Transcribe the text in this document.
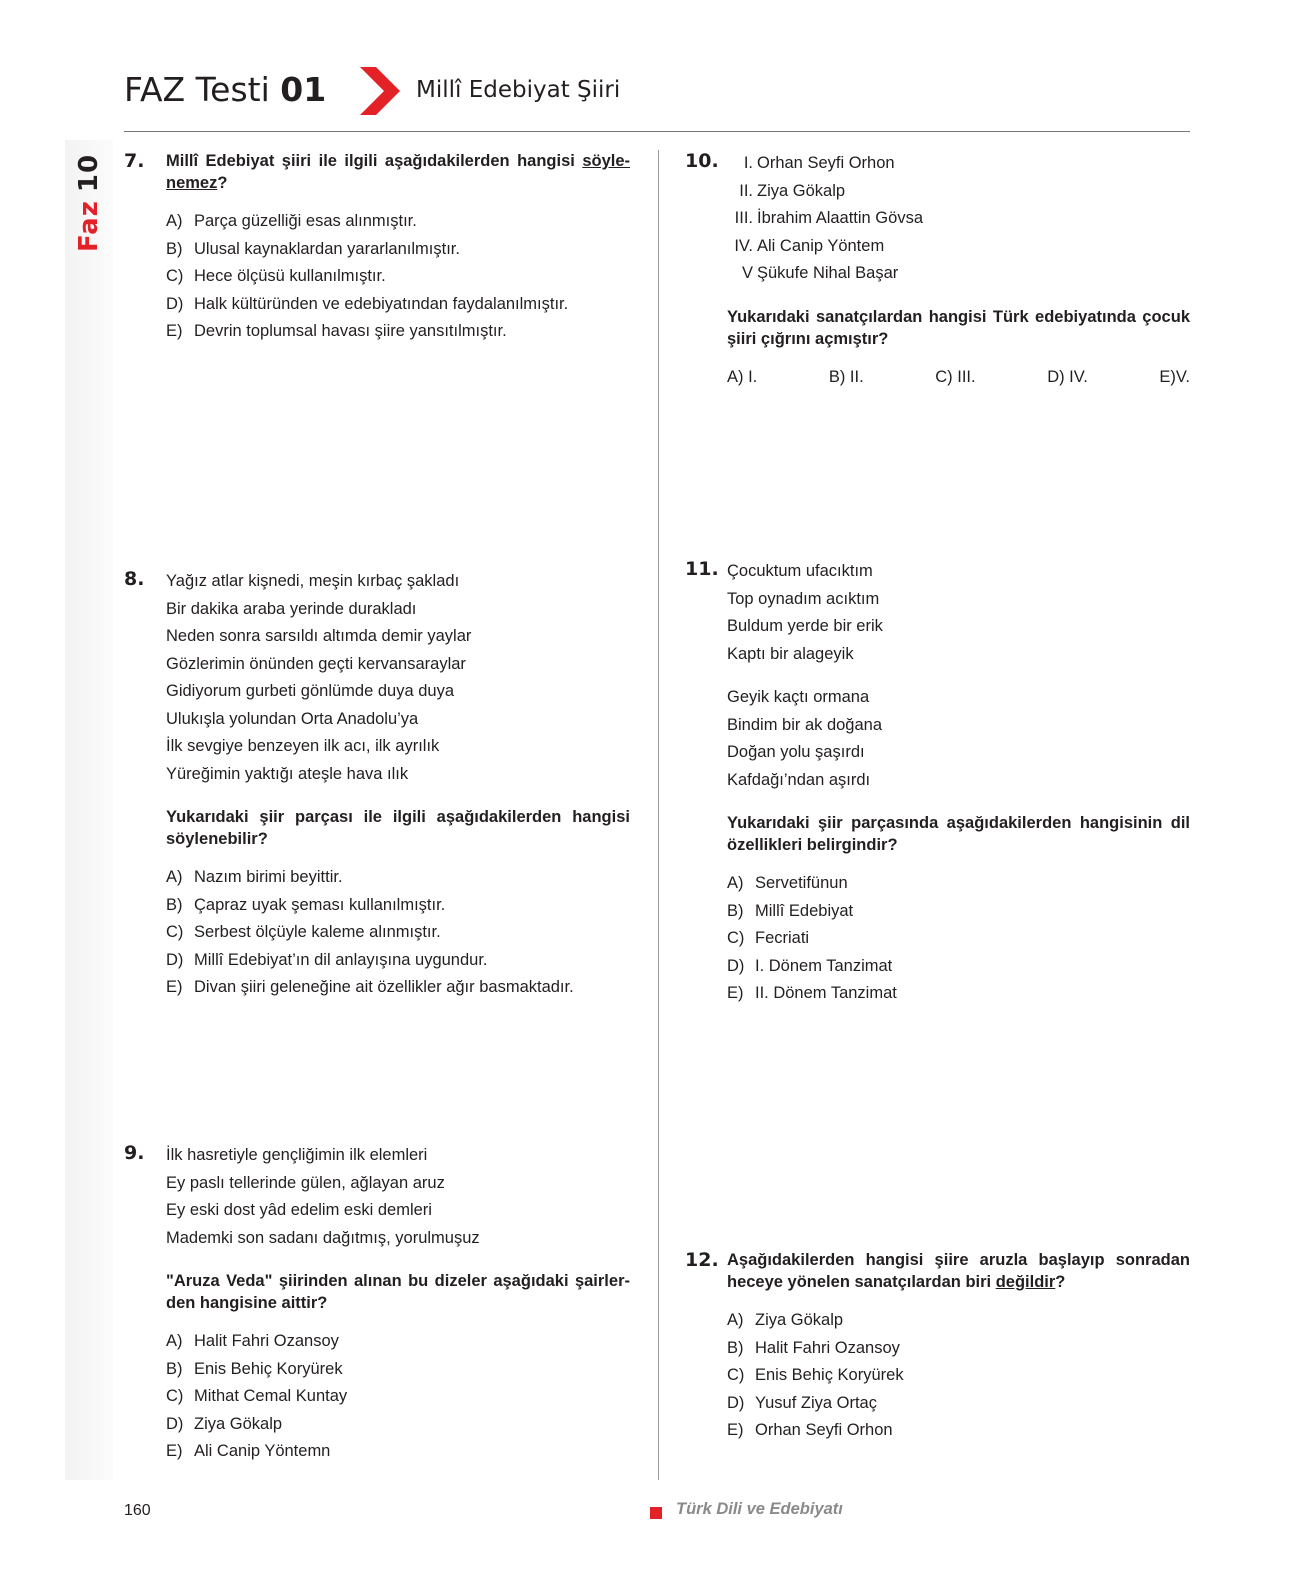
Faz10
FAZ Testi 01	Millî Edebiyat Şiiri
7. Millî Edebiyat şiiri ile ilgili aşağıdakilerden hangisi söyle-nemez?
A) Parça güzelliği esas alınmıştır.
B) Ulusal kaynaklardan yararlanılmıştır.
C) Hece ölçüsü kullanılmıştır.
D) Halk kültüründen ve edebiyatından faydalanılmıştır.
E) Devrin toplumsal havası şiire yansıtılmıştır.
8. Yağız atlar kişnedi, meşin kırbaç şakladı
Bir dakika araba yerinde durakladı
Neden sonra sarsıldı altımda demir yaylar
Gözlerimin önünden geçti kervansaraylar
Gidiyorum gurbeti gönlümde duya duya
Ulukışla yolundan Orta Anadolu’ya
İlk sevgiye benzeyen ilk acı, ilk ayrılık
Yüreğimin yaktığı ateşle hava ılık
Yukarıdaki şiir parçası ile ilgili aşağıdakilerden hangisi söylenebilir?
A) Nazım birimi beyittir.
B) Çapraz uyak şeması kullanılmıştır.
C) Serbest ölçüyle kaleme alınmıştır.
D) Millî Edebiyat’ın dil anlayışına uygundur.
E) Divan şiiri geleneğine ait özellikler ağır basmaktadır.
9. İlk hasretiyle gençliğimin ilk elemleri
Ey paslı tellerinde gülen, ağlayan aruz
Ey eski dost yâd edelim eski demleri
Mademki son sadanı dağıtmış, yorulmuşuz
"Aruza Veda" şiirinden alınan bu dizeler aşağıdaki şairler-den hangisine aittir?
A) Halit Fahri Ozansoy
B) Enis Behiç Koryürek
C) Mithat Cemal Kuntay
D) Ziya Gökalp
E) Ali Canip Yöntemn
10.	I. Orhan Seyfi Orhon
II. Ziya Gökalp
III. İbrahim Alaattin Gövsa
IV. Ali Canip Yöntem
V Şükufe Nihal Başar
Yukarıdaki sanatçılardan hangisi Türk edebiyatında çocuk şiiri çığrını açmıştır?
A) I.	B) II.	C) III.	D) IV.	E)V.
11. Çocuktum ufacıktım
Top oynadım acıktım
Buldum yerde bir erik
Kaptı bir alageyik
Geyik kaçtı ormana
Bindim bir ak doğana
Doğan yolu şaşırdı
Kafdağı’ndan aşırdı
Yukarıdaki şiir parçasında aşağıdakilerden hangisinin dil özellikleri belirgindir?
A) Servetifünun
B) Millî Edebiyat
C) Fecriati
D) I. Dönem Tanzimat
E) II. Dönem Tanzimat
12. Aşağıdakilerden hangisi şiire aruzla başlayıp sonradan heceye yönelen sanatçılardan biri değildir?
A) Ziya Gökalp
B) Halit Fahri Ozansoy
C) Enis Behiç Koryürek
D) Yusuf Ziya Ortaç
E) Orhan Seyfi Orhon
160	Türk Dili ve Edebiyatı
